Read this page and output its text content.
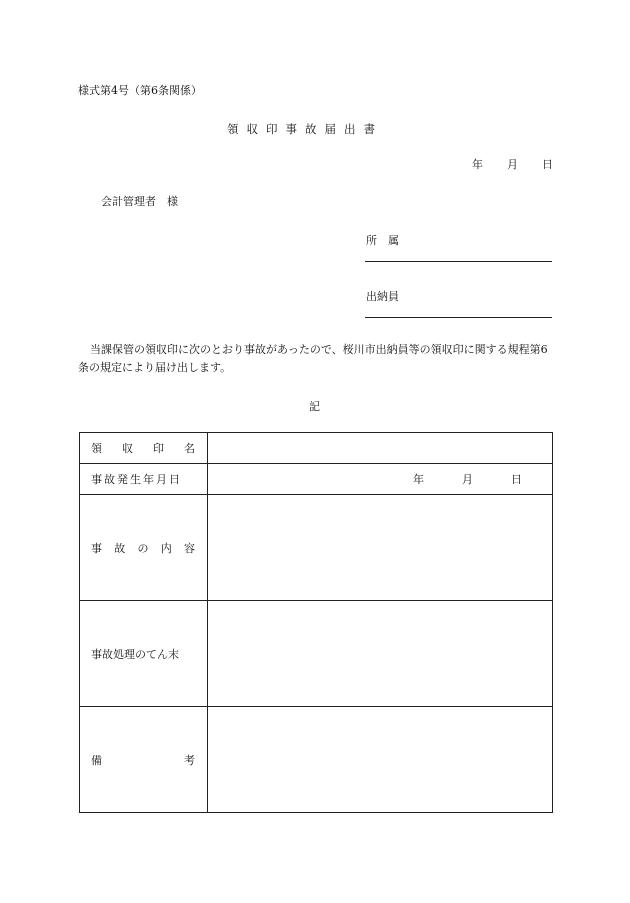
様式第4号（第6条関係）
領収印事故届出書
年 月 日
会計管理者　様
所　属
出納員
当課保管の領収印に次のとおり事故があったので、桜川市出納員等の領収印に関する規程第6条の規定により届け出します。
記
領 収 印 名	

事故発生年月日	年 月 日

事 故 の 内 容	

事故処理のてん末	

備 考	
